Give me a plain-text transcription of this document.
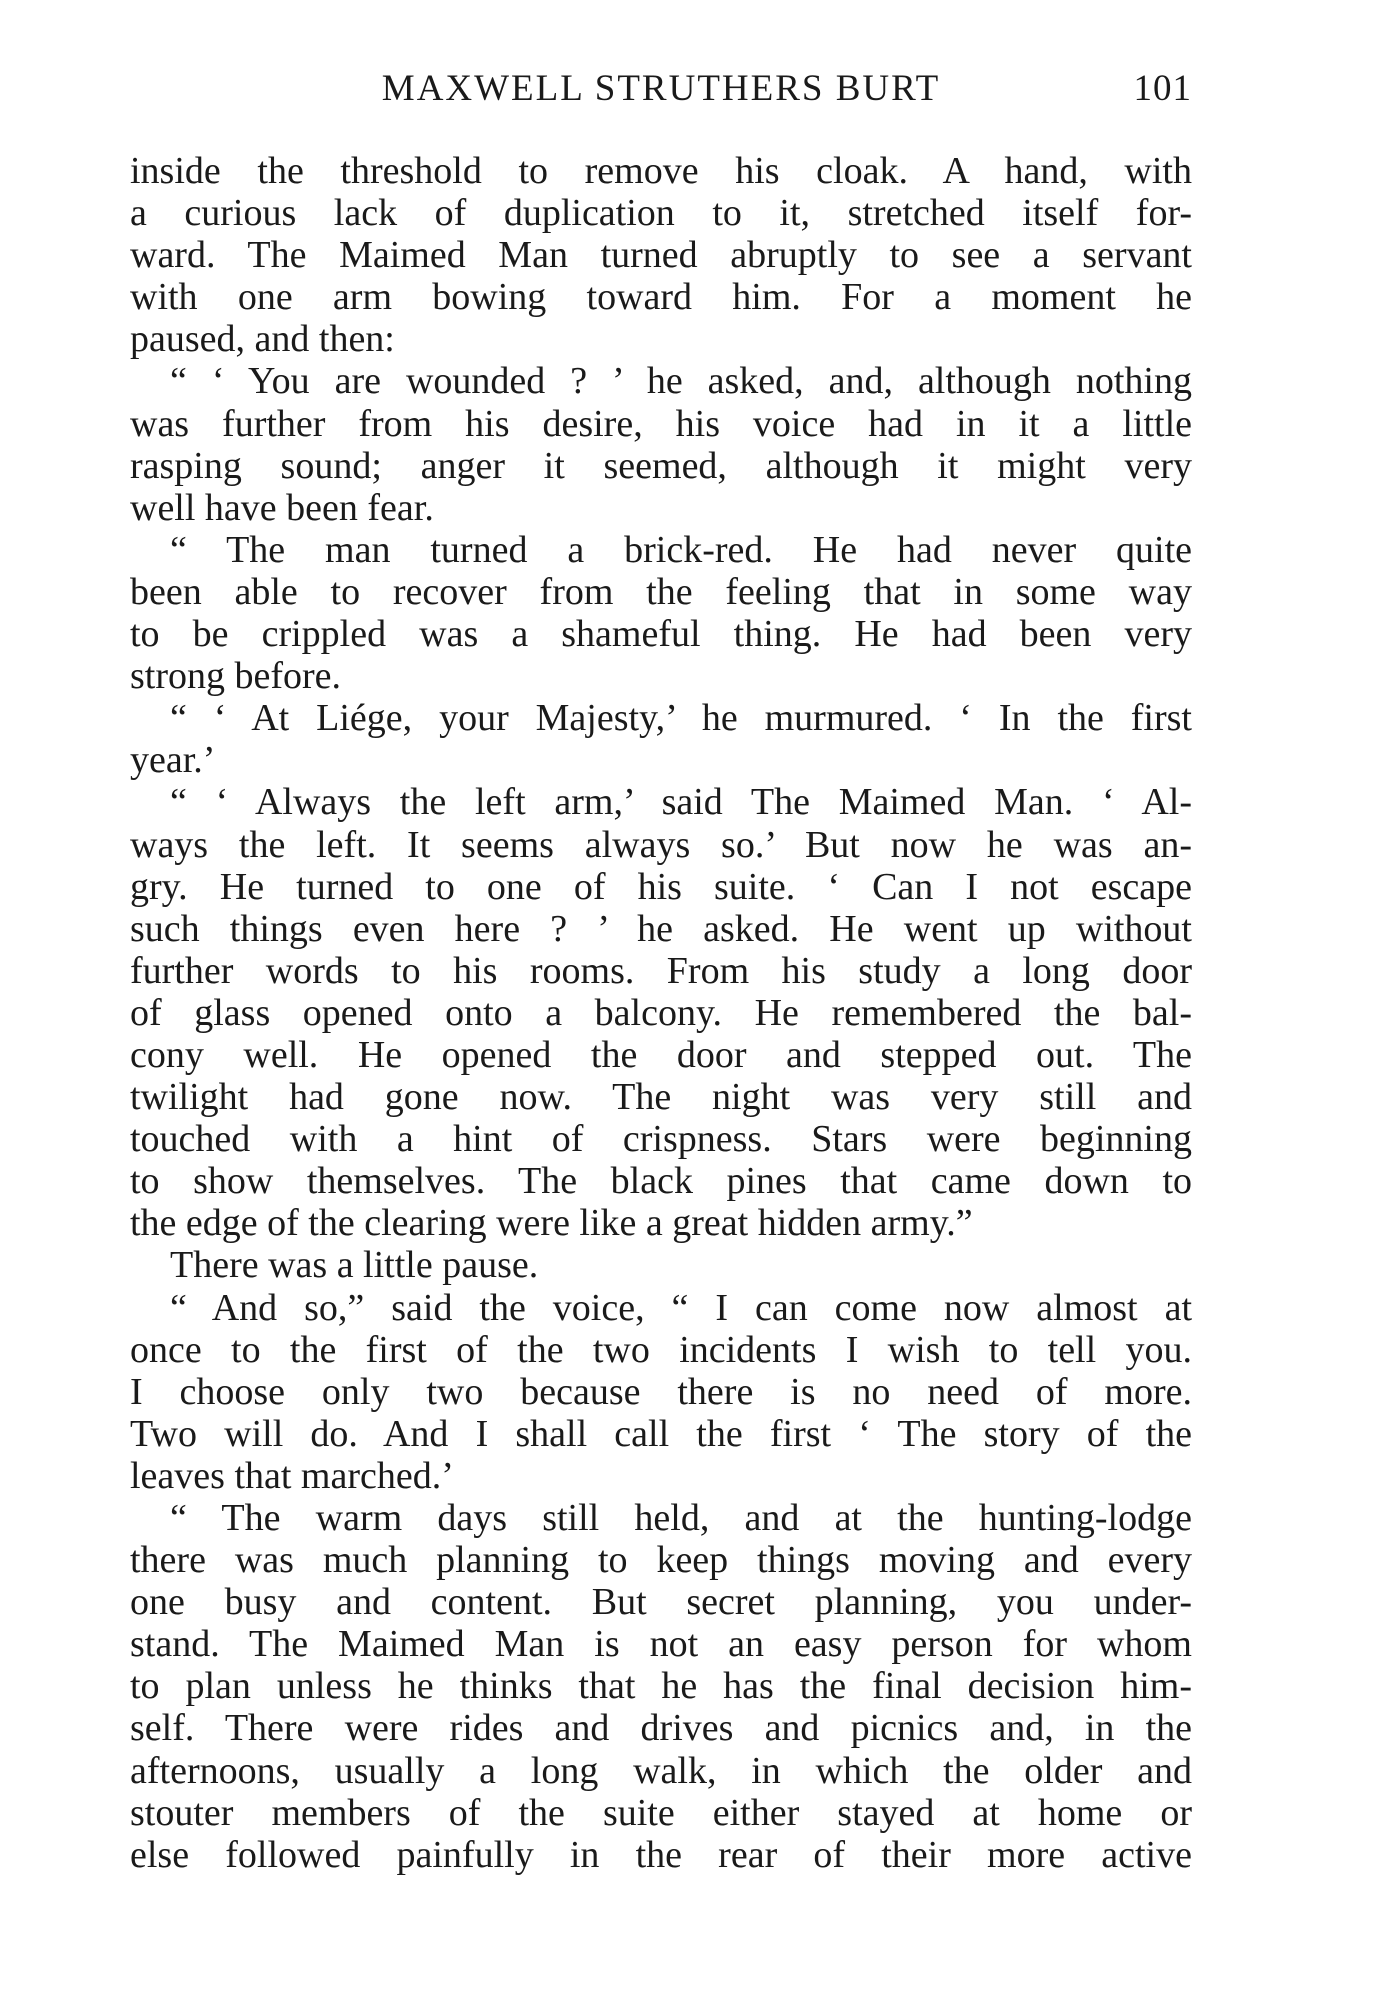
MAXWELL STRUTHERS BURT	101
inside the threshold to remove his cloak. A hand, with
a curious lack of duplication to it, stretched itself for-
ward. The Maimed Man turned abruptly to see a servant
with one arm bowing toward him. For a moment he
paused, and then:
“ ‘ You are wounded ? ’ he asked, and, although nothing
was further from his desire, his voice had in it a little
rasping sound; anger it seemed, although it might very
well have been fear.
“ The man turned a brick-red. He had never quite
been able to recover from the feeling that in some way
to be crippled was a shameful thing. He had been very
strong before.
“ ‘ At Liége, your Majesty,’ he murmured. ‘ In the first
year.’
“ ‘ Always the left arm,’ said The Maimed Man. ‘ Al-
ways the left. It seems always so.’ But now he was an-
gry. He turned to one of his suite. ‘ Can I not escape
such things even here ? ’ he asked. He went up without
further words to his rooms. From his study a long door
of glass opened onto a balcony. He remembered the bal-
cony well. He opened the door and stepped out. The
twilight had gone now. The night was very still and
touched with a hint of crispness. Stars were beginning
to show themselves. The black pines that came down to
the edge of the clearing were like a great hidden army.”
There was a little pause.
“ And so,” said the voice, “ I can come now almost at
once to the first of the two incidents I wish to tell you.
I choose only two because there is no need of more.
Two will do. And I shall call the first ‘ The story of the
leaves that marched.’
“ The warm days still held, and at the hunting-lodge
there was much planning to keep things moving and every
one busy and content. But secret planning, you under-
stand. The Maimed Man is not an easy person for whom
to plan unless he thinks that he has the final decision him-
self. There were rides and drives and picnics and, in the
afternoons, usually a long walk, in which the older and
stouter members of the suite either stayed at home or
else followed painfully in the rear of their more active
